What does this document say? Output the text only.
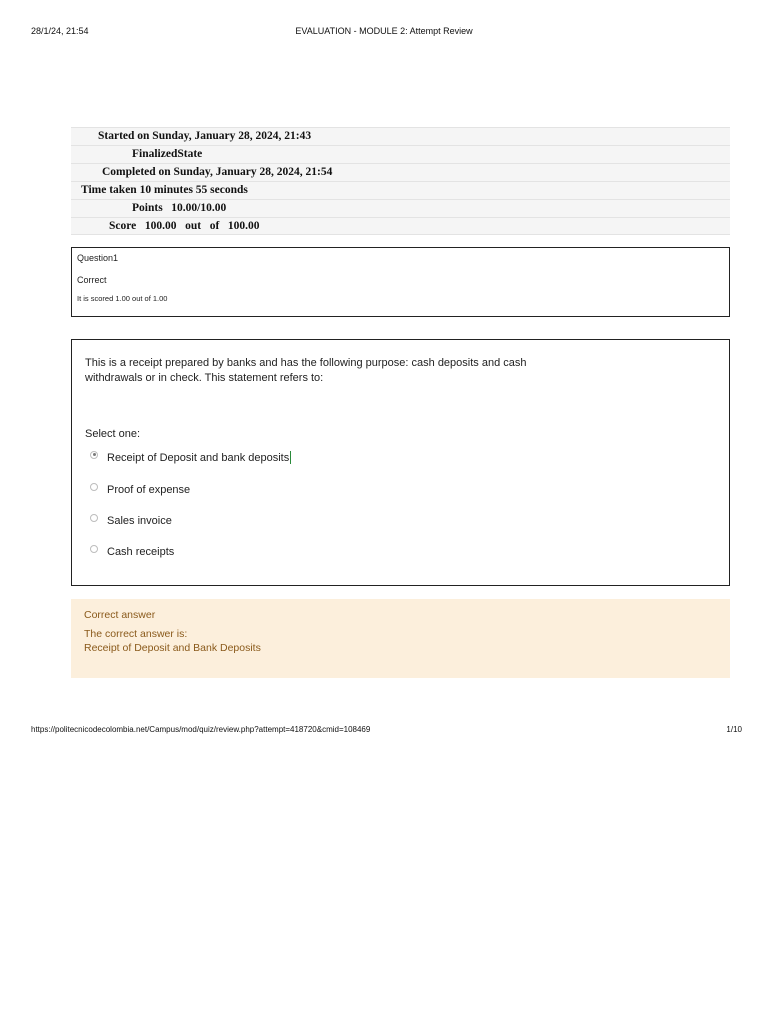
28/1/24, 21:54	EVALUATION - MODULE 2: Attempt Review
Started on Sunday, January 28, 2024, 21:43
FinalizedState
Completed on Sunday, January 28, 2024, 21:54
Time taken 10 minutes 55 seconds
Points   10.00/10.00
Score   100.00   out   of   100.00
Question1
Correct
It is scored 1.00 out of 1.00
This is a receipt prepared by banks and has the following purpose: cash deposits and cash withdrawals or in check. This statement refers to:
Select one:
Receipt of Deposit and bank deposits
Proof of expense
Sales invoice
Cash receipts
Correct answer
The correct answer is:
Receipt of Deposit and Bank Deposits
https://politecnicodecolombia.net/Campus/mod/quiz/review.php?attempt=418720&cmid=108469	1/10
